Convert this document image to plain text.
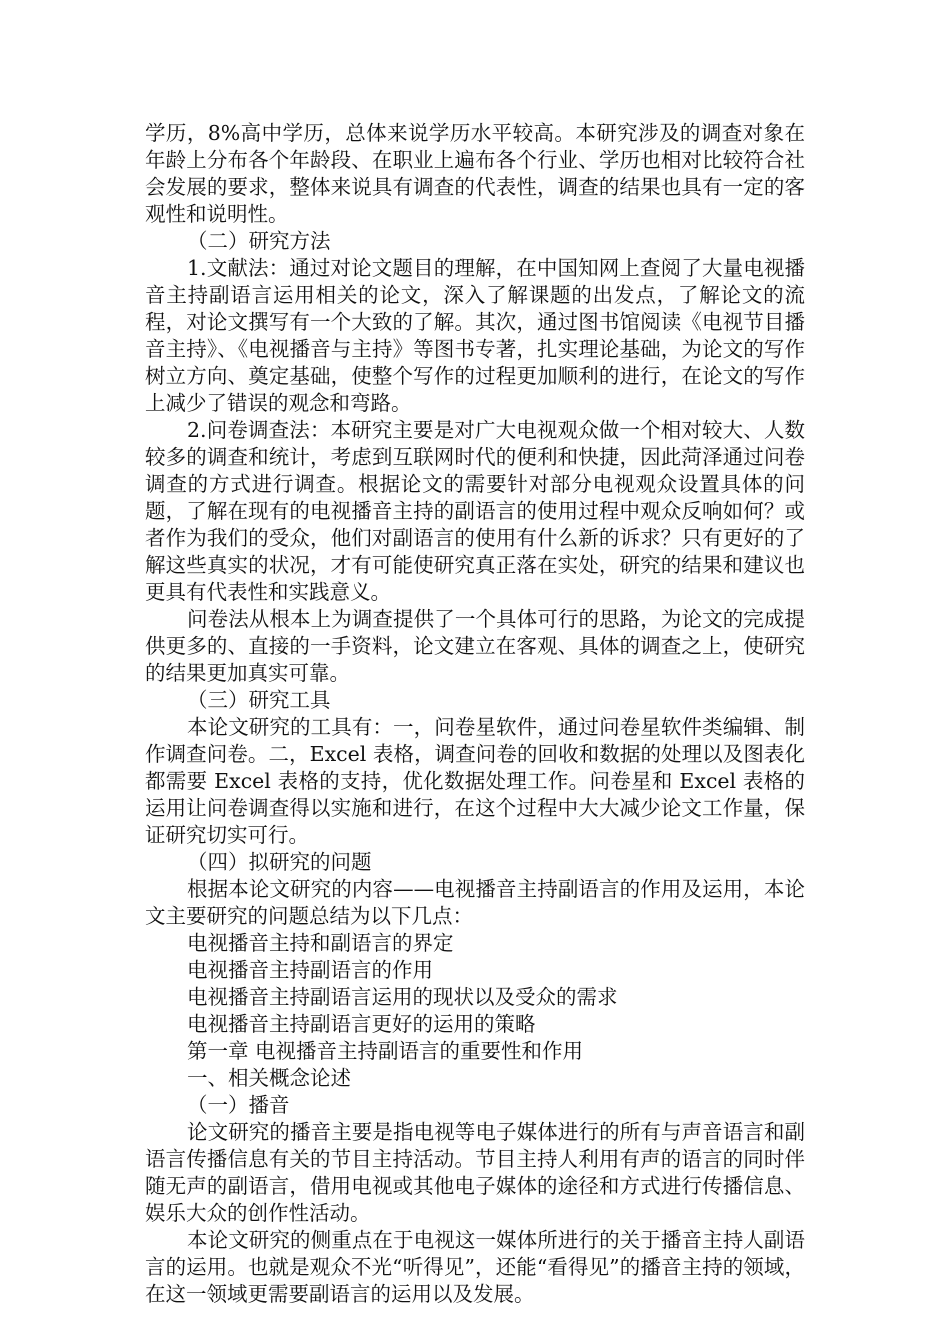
学历，8%高中学历，总体来说学历水平较高。本研究涉及的调查对象在年龄上分布各个年龄段、在职业上遍布各个行业、学历也相对比较符合社会发展的要求，整体来说具有调查的代表性，调查的结果也具有一定的客观性和说明性。

（二）研究方法

1.文献法：通过对论文题目的理解，在中国知网上查阅了大量电视播音主持副语言运用相关的论文，深入了解课题的出发点，了解论文的流程，对论文撰写有一个大致的了解。其次，通过图书馆阅读《电视节目播音主持》、《电视播音与主持》等图书专著，扎实理论基础，为论文的写作树立方向、奠定基础，使整个写作的过程更加顺利的进行，在论文的写作上减少了错误的观念和弯路。

2.问卷调查法：本研究主要是对广大电视观众做一个相对较大、人数较多的调查和统计，考虑到互联网时代的便利和快捷，因此菏泽通过问卷调查的方式进行调查。根据论文的需要针对部分电视观众设置具体的问题，了解在现有的电视播音主持的副语言的使用过程中观众反响如何？或者作为我们的受众，他们对副语言的使用有什么新的诉求？只有更好的了解这些真实的状况，才有可能使研究真正落在实处，研究的结果和建议也更具有代表性和实践意义。

问卷法从根本上为调查提供了一个具体可行的思路，为论文的完成提供更多的、直接的一手资料，论文建立在客观、具体的调查之上，使研究的结果更加真实可靠。

（三）研究工具

本论文研究的工具有：一，问卷星软件，通过问卷星软件类编辑、制作调查问卷。二，Excel 表格，调查问卷的回收和数据的处理以及图表化都需要 Excel 表格的支持，优化数据处理工作。问卷星和 Excel 表格的运用让问卷调查得以实施和进行，在这个过程中大大减少论文工作量，保证研究切实可行。

（四）拟研究的问题

根据本论文研究的内容——电视播音主持副语言的作用及运用，本论文主要研究的问题总结为以下几点：

电视播音主持和副语言的界定

电视播音主持副语言的作用

电视播音主持副语言运用的现状以及受众的需求

电视播音主持副语言更好的运用的策略

第一章 电视播音主持副语言的重要性和作用

一、相关概念论述

（一）播音

论文研究的播音主要是指电视等电子媒体进行的所有与声音语言和副语言传播信息有关的节目主持活动。节目主持人利用有声的语言的同时伴随无声的副语言，借用电视或其他电子媒体的途径和方式进行传播信息、娱乐大众的创作性活动。

本论文研究的侧重点在于电视这一媒体所进行的关于播音主持人副语言的运用。也就是观众不光“听得见”，还能“看得见”的播音主持的领域，在这一领域更需要副语言的运用以及发展。
